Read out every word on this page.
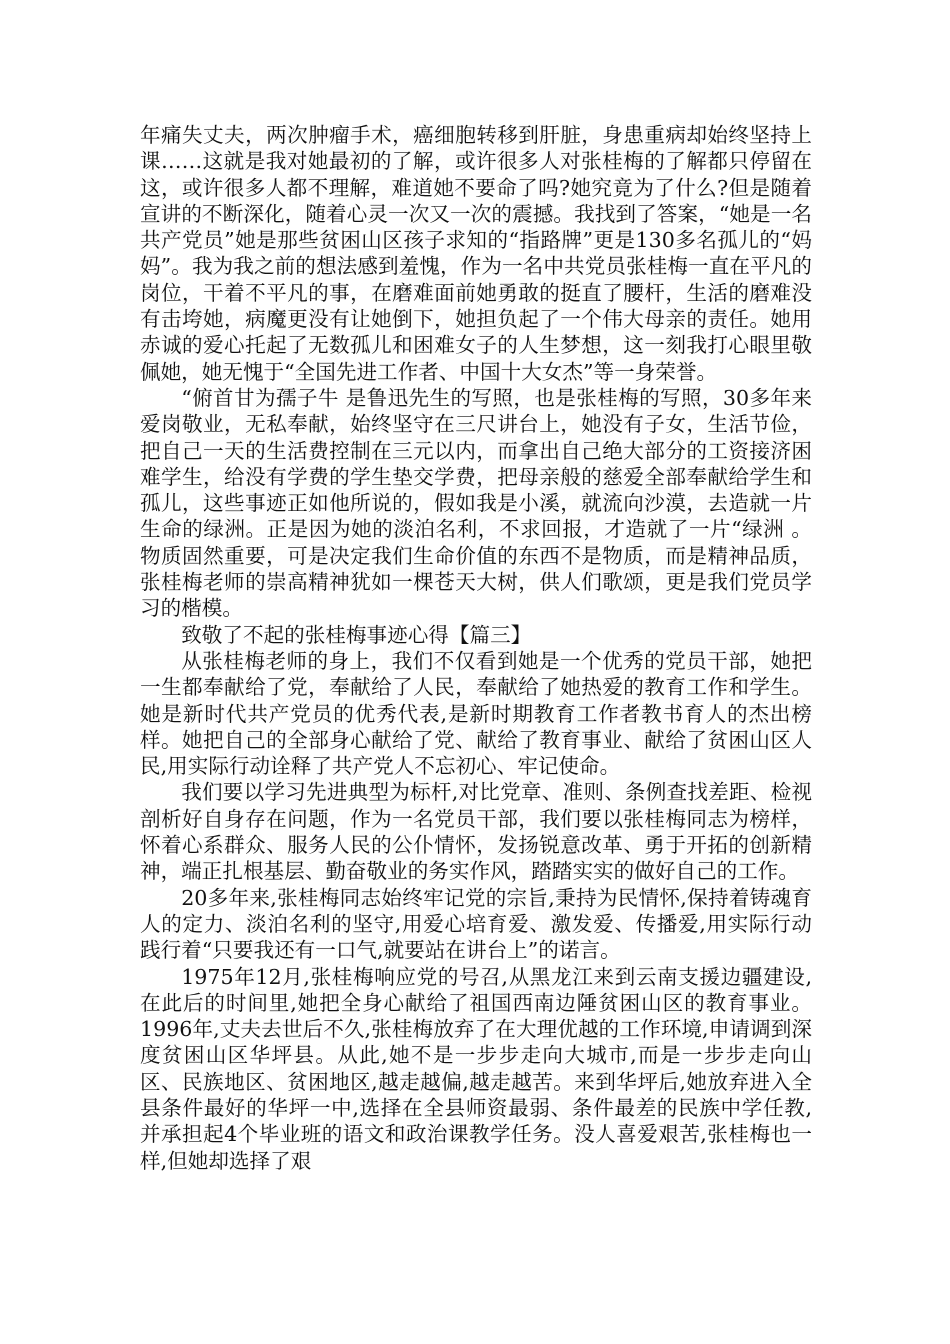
年痛失丈夫，两次肿瘤手术，癌细胞转移到肝脏，身患重病却始终坚持上课……这就是我对她最初的了解，或许很多人对张桂梅的了解都只停留在这，或许很多人都不理解，难道她不要命了吗?她究竟为了什么?但是随着宣讲的不断深化，随着心灵一次又一次的震撼。我找到了答案，“她是一名共产党员”她是那些贫困山区孩子求知的“指路牌”更是130多名孤儿的“妈妈”。我为我之前的想法感到羞愧，作为一名中共党员张桂梅一直在平凡的岗位，干着不平凡的事，在磨难面前她勇敢的挺直了腰杆，生活的磨难没有击垮她，病魔更没有让她倒下，她担负起了一个伟大母亲的责任。她用赤诚的爱心托起了无数孤儿和困难女子的人生梦想，这一刻我打心眼里敬佩她，她无愧于“全国先进工作者、中国十大女杰”等一身荣誉。

“俯首甘为孺子牛 是鲁迅先生的写照，也是张桂梅的写照，30多年来爱岗敬业，无私奉献，始终坚守在三尺讲台上，她没有子女，生活节俭，把自己一天的生活费控制在三元以内，而拿出自己绝大部分的工资接济困难学生，给没有学费的学生垫交学费，把母亲般的慈爱全部奉献给学生和孤儿，这些事迹正如他所说的，假如我是小溪，就流向沙漠，去造就一片生命的绿洲。正是因为她的淡泊名利，不求回报，才造就了一片“绿洲 。物质固然重要，可是决定我们生命价值的东西不是物质，而是精神品质，张桂梅老师的崇高精神犹如一棵苍天大树，供人们歌颂，更是我们党员学习的楷模。

致敬了不起的张桂梅事迹心得【篇三】

从张桂梅老师的身上，我们不仅看到她是一个优秀的党员干部，她把一生都奉献给了党，奉献给了人民，奉献给了她热爱的教育工作和学生。她是新时代共产党员的优秀代表,是新时期教育工作者教书育人的杰出榜样。她把自己的全部身心献给了党、献给了教育事业、献给了贫困山区人民,用实际行动诠释了共产党人不忘初心、牢记使命。

我们要以学习先进典型为标杆,对比党章、准则、条例查找差距、检视剖析好自身存在问题，作为一名党员干部，我们要以张桂梅同志为榜样，怀着心系群众、服务人民的公仆情怀，发扬锐意改革、勇于开拓的创新精神，端正扎根基层、勤奋敬业的务实作风，踏踏实实的做好自己的工作。

20多年来,张桂梅同志始终牢记党的宗旨,秉持为民情怀,保持着铸魂育人的定力、淡泊名利的坚守,用爱心培育爱、激发爱、传播爱,用实际行动践行着“只要我还有一口气,就要站在讲台上”的诺言。

1975年12月,张桂梅响应党的号召,从黑龙江来到云南支援边疆建设,在此后的时间里,她把全身心献给了祖国西南边陲贫困山区的教育事业。1996年,丈夫去世后不久,张桂梅放弃了在大理优越的工作环境,申请调到深度贫困山区华坪县。从此,她不是一步步走向大城市,而是一步步走向山区、民族地区、贫困地区,越走越偏,越走越苦。来到华坪后,她放弃进入全县条件最好的华坪一中,选择在全县师资最弱、条件最差的民族中学任教,并承担起4个毕业班的语文和政治课教学任务。没人喜爱艰苦,张桂梅也一样,但她却选择了艰
